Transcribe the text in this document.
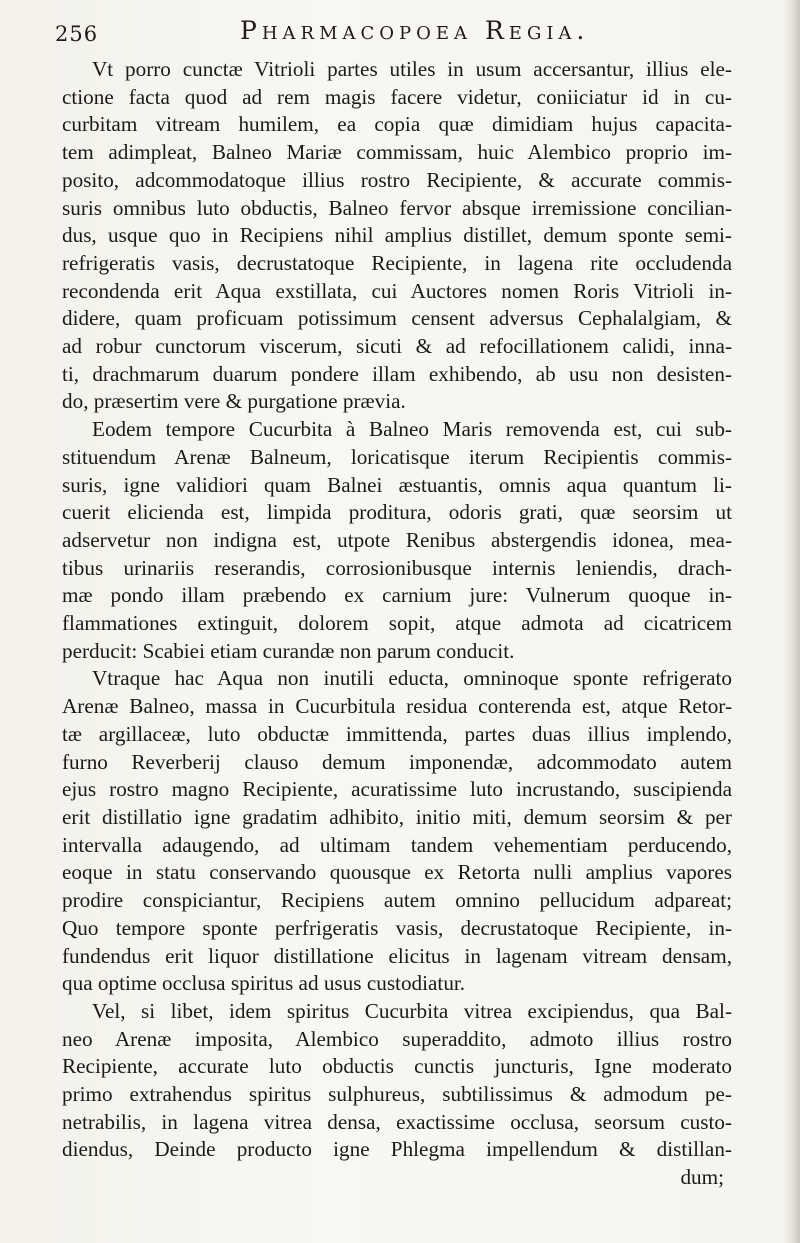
256	Pharmacopoea Regia.
Vt porro cunctæ Vitrioli partes utiles in usum accersantur, illius ele-
ctione facta quod ad rem magis facere videtur, coniiciatur id in cu-
curbitam vitream humilem, ea copia quæ dimidiam hujus capacita-
tem adimpleat, Balneo Mariæ commissam, huic Alembico proprio im-
posito, adcommodatoque illius rostro Recipiente, & accurate commis-
suris omnibus luto obductis, Balneo fervor absque irremissione concilian-
dus, usque quo in Recipiens nihil amplius distillet, demum sponte semi-
refrigeratis vasis, decrustatoque Recipiente, in lagena rite occludenda
recondenda erit Aqua exstillata, cui Auctores nomen Roris Vitrioli in-
didere, quam proficuam potissimum censent adversus Cephalalgiam, &
ad robur cunctorum viscerum, sicuti & ad refocillationem calidi, inna-
ti, drachmarum duarum pondere illam exhibendo, ab usu non desisten-
do, præsertim vere & purgatione prævia.
Eodem tempore Cucurbita à Balneo Maris removenda est, cui sub-
stituendum Arenæ Balneum, loricatisque iterum Recipientis commis-
suris, igne validiori quam Balnei æstuantis, omnis aqua quantum li-
cuerit elicienda est, limpida proditura, odoris grati, quæ seorsim ut
adservetur non indigna est, utpote Renibus abstergendis idonea, mea-
tibus urinariis reserandis, corrosionibusque internis leniendis, drach-
mæ pondo illam præbendo ex carnium jure: Vulnerum quoque in-
flammationes extinguit, dolorem sopit, atque admota ad cicatricem
perducit: Scabiei etiam curandæ non parum conducit.
Vtraque hac Aqua non inutili educta, omninoque sponte refrigerato
Arenæ Balneo, massa in Cucurbitula residua conterenda est, atque Retor-
tæ argillaceæ, luto obductæ immittenda, partes duas illius implendo,
furno Reverberij clauso demum imponendæ, adcommodato autem
ejus rostro magno Recipiente, acuratissime luto incrustando, suscipienda
erit distillatio igne gradatim adhibito, initio miti, demum seorsim & per
intervalla adaugendo, ad ultimam tandem vehementiam perducendo,
eoque in statu conservando quousque ex Retorta nulli amplius vapores
prodire conspiciantur, Recipiens autem omnino pellucidum adpareat;
Quo tempore sponte perfrigeratis vasis, decrustatoque Recipiente, in-
fundendus erit liquor distillatione elicitus in lagenam vitream densam,
qua optime occlusa spiritus ad usus custodiatur.
Vel, si libet, idem spiritus Cucurbita vitrea excipiendus, qua Bal-
neo Arenæ imposita, Alembico superaddito, admoto illius rostro
Recipiente, accurate luto obductis cunctis juncturis, Igne moderato
primo extrahendus spiritus sulphureus, subtilissimus & admodum pe-
netrabilis, in lagena vitrea densa, exactissime occlusa, seorsum custo-
diendus, Deinde producto igne Phlegma impellendum & distillan-
dum;
